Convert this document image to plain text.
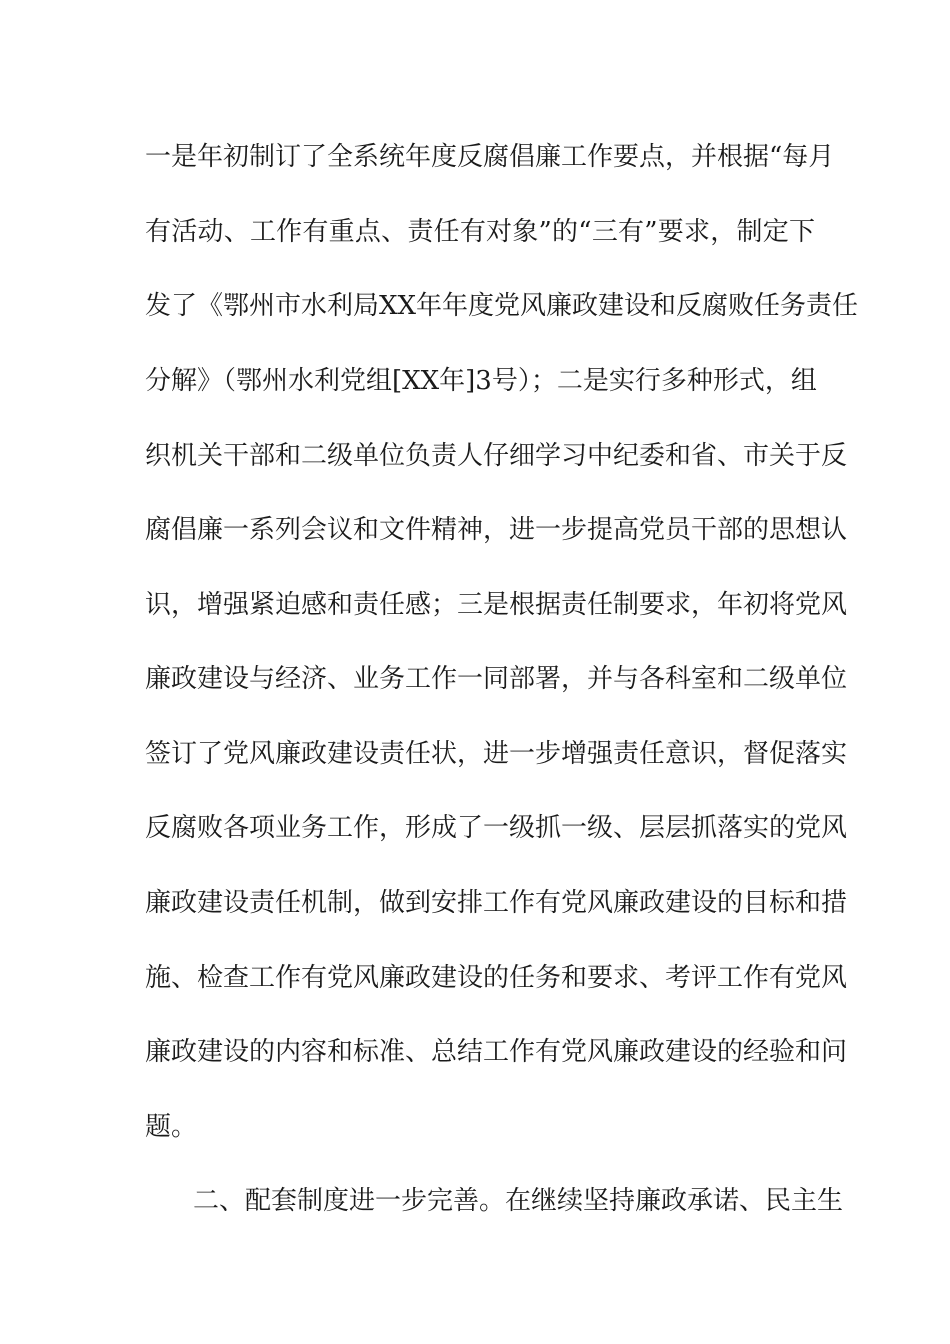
一是年初制订了全系统年度反腐倡廉工作要点，并根据“每月
有活动、工作有重点、责任有对象”的“三有”要求，制定下
发了《鄂州市水利局XX年年度党风廉政建设和反腐败任务责任
分解》（鄂州水利党组[XX年]3号）；二是实行多种形式，组
织机关干部和二级单位负责人仔细学习中纪委和省、市关于反
腐倡廉一系列会议和文件精神，进一步提高党员干部的思想认
识，增强紧迫感和责任感；三是根据责任制要求，年初将党风
廉政建设与经济、业务工作一同部署，并与各科室和二级单位
签订了党风廉政建设责任状，进一步增强责任意识，督促落实
反腐败各项业务工作，形成了一级抓一级、层层抓落实的党风
廉政建设责任机制，做到安排工作有党风廉政建设的目标和措
施、检查工作有党风廉政建设的任务和要求、考评工作有党风
廉政建设的内容和标准、总结工作有党风廉政建设的经验和问
题。
二、配套制度进一步完善。在继续坚持廉政承诺、民主生
